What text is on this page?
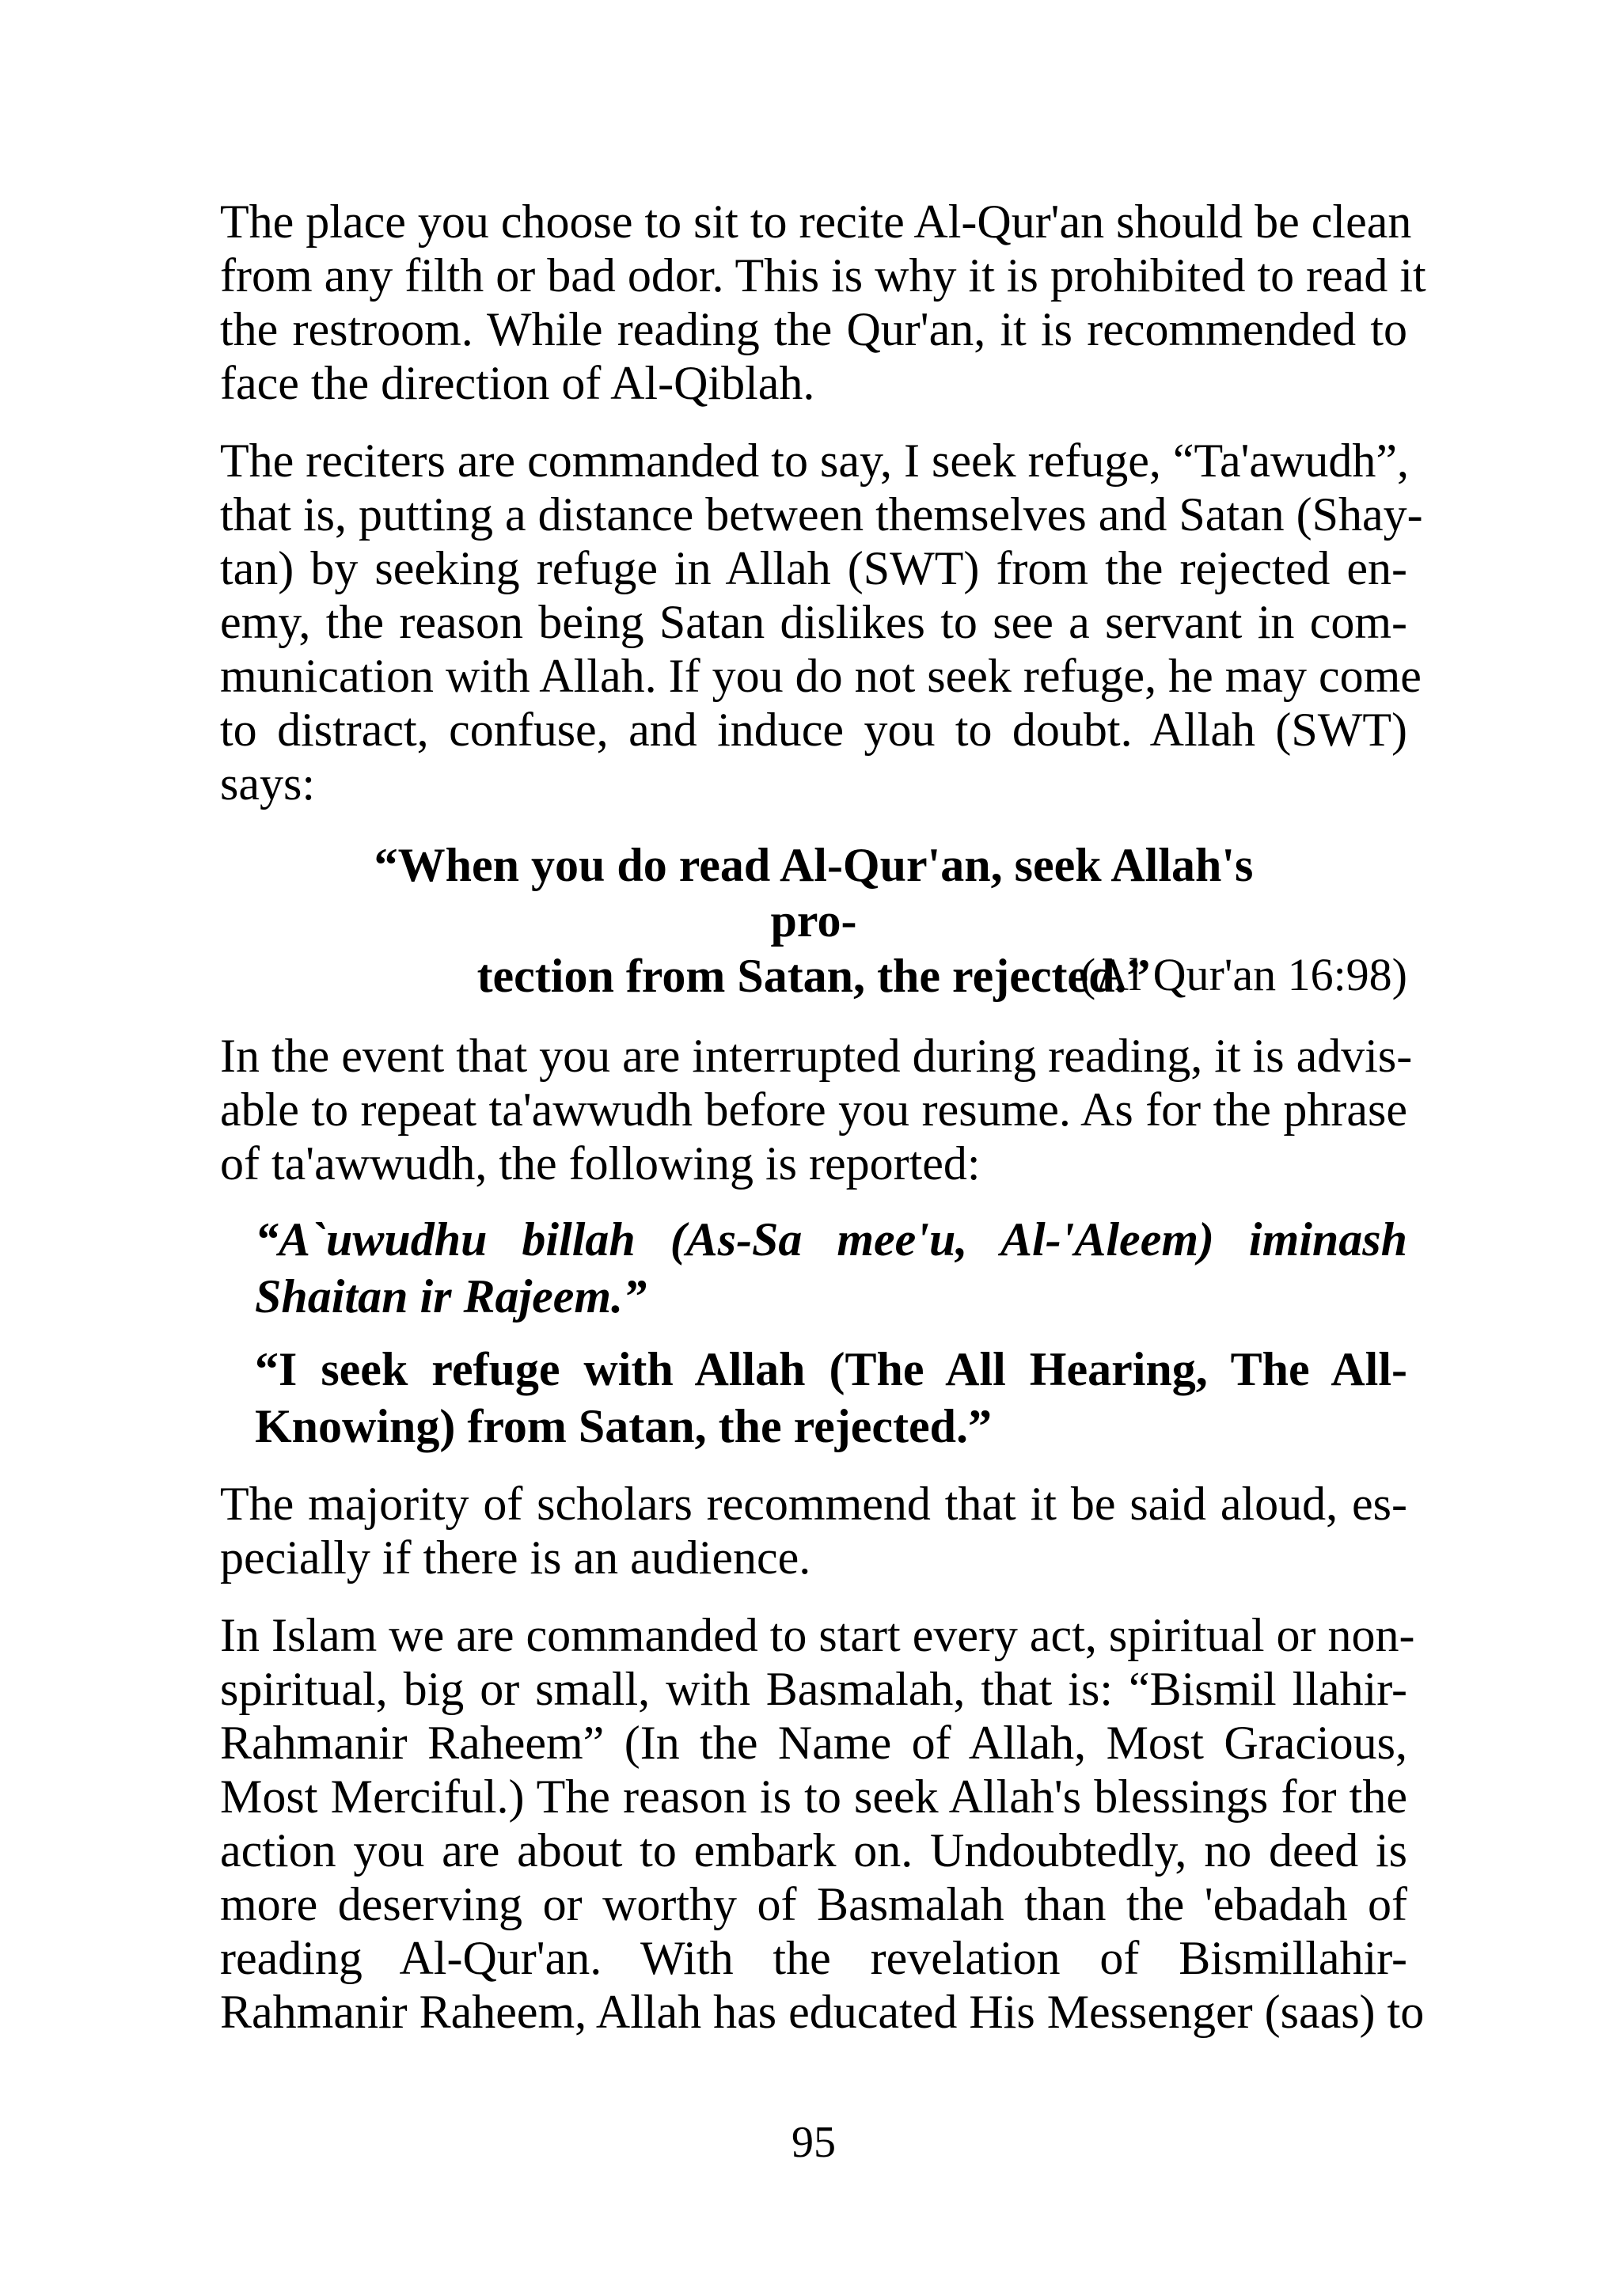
The place you choose to sit to recite Al-Qur'an should be clean
from any filth or bad odor. This is why it is prohibited to read it
the restroom. While reading the Qur'an, it is recommended to
face the direction of Al-Qiblah.
The reciters are commanded to say, I seek refuge, “Ta'awudh”,
that is, putting a distance between themselves and Satan (Shay-
tan) by seeking refuge in Allah (SWT) from the rejected en-
emy, the reason being Satan dislikes to see a servant in com-
munication with Allah. If you do not seek refuge, he may come
to distract, confuse, and induce you to doubt. Allah (SWT)
says:
“When you do read Al-Qur'an, seek Allah's pro-
tection from Satan, the rejected.”
(Al Qur'an 16:98)
In the event that you are interrupted during reading, it is advis-
able to repeat ta'awwudh before you resume. As for the phrase
of ta'awwudh, the following is reported:
“A`uwudhu billah (As-Sa mee'u, Al-'Aleem) iminash
Shaitan ir Rajeem.”
“I seek refuge with Allah (The All Hearing, The All-
Knowing) from Satan, the rejected.”
The majority of scholars recommend that it be said aloud, es-
pecially if there is an audience.
In Islam we are commanded to start every act, spiritual or non-
spiritual, big or small, with Basmalah, that is: “Bismil llahir-
Rahmanir Raheem” (In the Name of Allah, Most Gracious,
Most Merciful.) The reason is to seek Allah's blessings for the
action you are about to embark on. Undoubtedly, no deed is
more deserving or worthy of Basmalah than the 'ebadah of
reading Al-Qur'an. With the revelation of Bismillahir-
Rahmanir Raheem, Allah has educated His Messenger (saas) to
95
